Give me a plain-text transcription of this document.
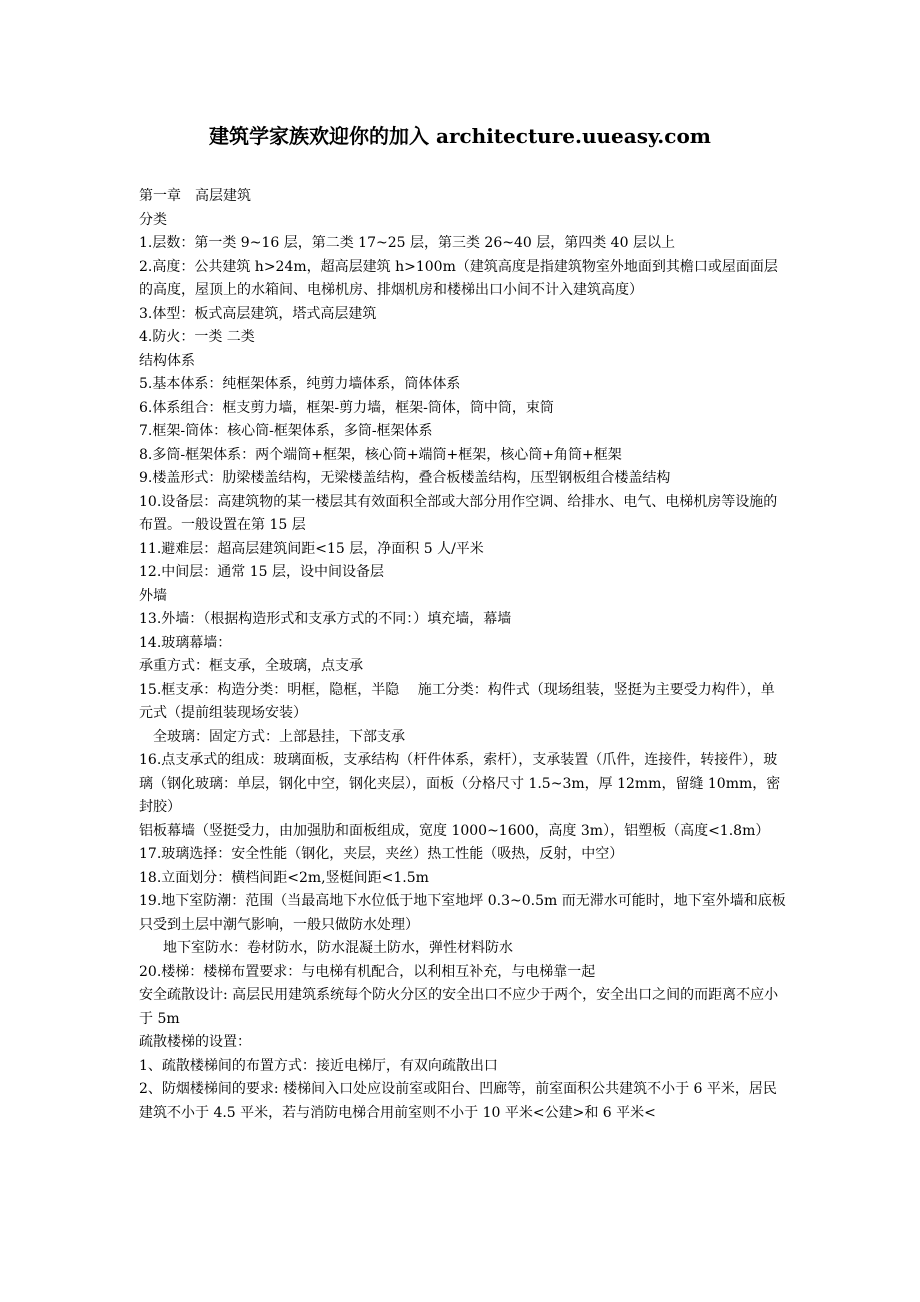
建筑学家族欢迎你的加入 architecture.uueasy.com

第一章　高层建筑

分类

1.层数：第一类 9~16 层，第二类 17~25 层，第三类 26~40 层，第四类 40 层以上

2.高度：公共建筑 h>24m，超高层建筑 h>100m（建筑高度是指建筑物室外地面到其檐口或屋面面层的高度，屋顶上的水箱间、电梯机房、排烟机房和楼梯出口小间不计入建筑高度）

3.体型：板式高层建筑，塔式高层建筑

4.防火：一类 二类

结构体系

5.基本体系：纯框架体系，纯剪力墙体系，筒体体系

6.体系组合：框支剪力墙，框架-剪力墙，框架-筒体，筒中筒，束筒

7.框架-筒体：核心筒-框架体系，多筒-框架体系

8.多筒-框架体系：两个端筒+框架，核心筒+端筒+框架，核心筒+角筒+框架

9.楼盖形式：肋梁楼盖结构，无梁楼盖结构，叠合板楼盖结构，压型钢板组合楼盖结构

10.设备层：高建筑物的某一楼层其有效面积全部或大部分用作空调、给排水、电气、电梯机房等设施的布置。一般设置在第 15 层

11.避难层：超高层建筑间距<15 层，净面积 5 人/平米

12.中间层：通常 15 层，设中间设备层

外墙

13.外墙：（根据构造形式和支承方式的不同：）填充墙，幕墙

14.玻璃幕墙：

承重方式：框支承，全玻璃，点支承

15.框支承：构造分类：明框，隐框，半隐　 施工分类：构件式（现场组装，竖挺为主要受力构件），单元式（提前组装现场安装）

全玻璃：固定方式：上部悬挂，下部支承

16.点支承式的组成：玻璃面板，支承结构（杆件体系，索杆），支承装置（爪件，连接件，转接件），玻璃（钢化玻璃：单层，钢化中空，钢化夹层），面板（分格尺寸 1.5~3m，厚 12mm，留缝 10mm，密封胶）

铝板幕墙（竖挺受力，由加强肋和面板组成，宽度 1000~1600，高度 3m），铝塑板（高度<1.8m）

17.玻璃选择：安全性能（钢化，夹层，夹丝）热工性能（吸热，反射，中空）

18.立面划分：横档间距<2m,竖梃间距<1.5m

19.地下室防潮：范围（当最高地下水位低于地下室地坪 0.3~0.5m 而无滞水可能时，地下室外墙和底板只受到土层中潮气影响，一般只做防水处理）

地下室防水：卷材防水，防水混凝土防水，弹性材料防水

20.楼梯：楼梯布置要求：与电梯有机配合，以利相互补充，与电梯靠一起

安全疏散设计: 高层民用建筑系统每个防火分区的安全出口不应少于两个，安全出口之间的而距离不应小于 5m

疏散楼梯的设置：

1、疏散楼梯间的布置方式：接近电梯厅，有双向疏散出口

2、防烟楼梯间的要求: 楼梯间入口处应设前室或阳台、凹廊等，前室面积公共建筑不小于 6 平米，居民建筑不小于 4.5 平米，若与消防电梯合用前室则不小于 10 平米<公建>和 6 平米<
